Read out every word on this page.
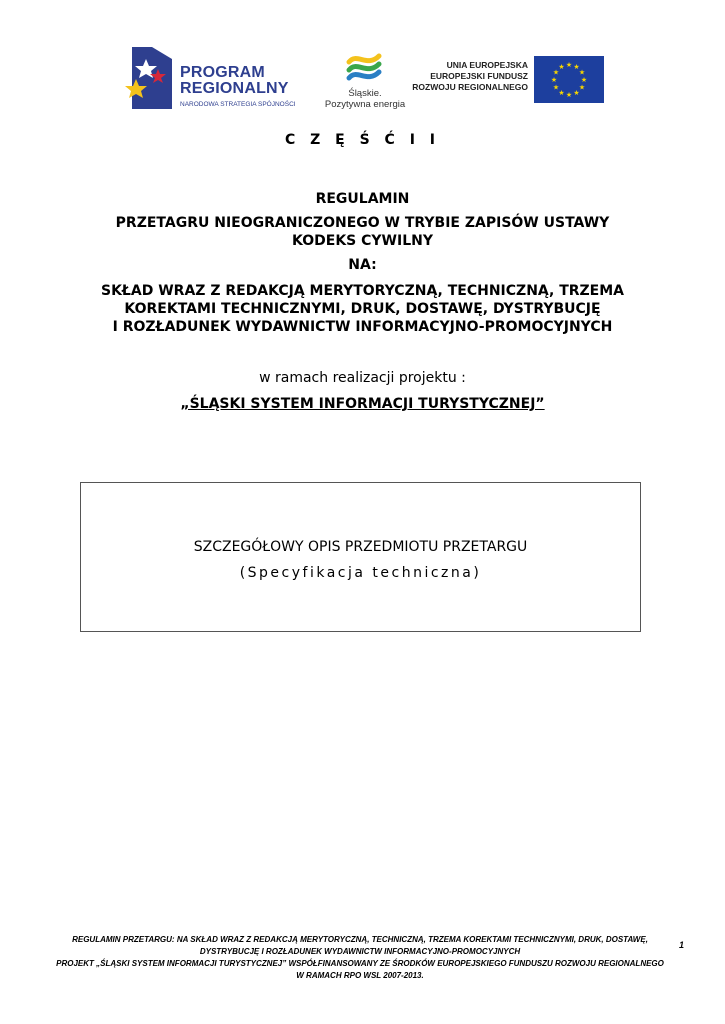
PROGRAM
REGIONALNY
NARODOWA STRATEGIA SPÓJNOŚCI
Śląskie.
Pozytywna energia
UNIA EUROPEJSKA
EUROPEJSKI FUNDUSZ
ROZWOJU REGIONALNEGO
★ ★
★
★
★
★
★
★
★
★
★
★
C Z Ę Ś Ć I I
REGULAMIN
PRZETAGRU NIEOGRANICZONEGO W TRYBIE ZAPISÓW USTAWY
KODEKS CYWILNY
NA:
SKŁAD WRAZ Z REDAKCJĄ MERYTORYCZNĄ, TECHNICZNĄ, TRZEMA
KOREKTAMI TECHNICZNYMI, DRUK, DOSTAWĘ, DYSTRYBUCJĘ
I ROZŁADUNEK WYDAWNICTW INFORMACYJNO-PROMOCYJNYCH
w ramach realizacji projektu :
„ŚLĄSKI SYSTEM INFORMACJI TURYSTYCZNEJ”
SZCZEGÓŁOWY OPIS PRZEDMIOTU PRZETARGU
(Specyfikacja techniczna)
REGULAMIN PRZETARGU: NA SKŁAD WRAZ Z REDAKCJĄ MERYTORYCZNĄ, TECHNICZNĄ, TRZEMA KOREKTAMI TECHNICZNYMI, DRUK, DOSTAWĘ,
DYSTRYBUCJĘ I ROZŁADUNEK WYDAWNICTW INFORMACYJNO-PROMOCYJNYCH
PROJEKT „ŚLĄSKI SYSTEM INFORMACJI TURYSTYCZNEJ” WSPÓŁFINANSOWANY ZE ŚRODKÓW EUROPEJSKIEGO FUNDUSZU ROZWOJU REGIONALNEGO
W RAMACH RPO WSL 2007-2013.
1
